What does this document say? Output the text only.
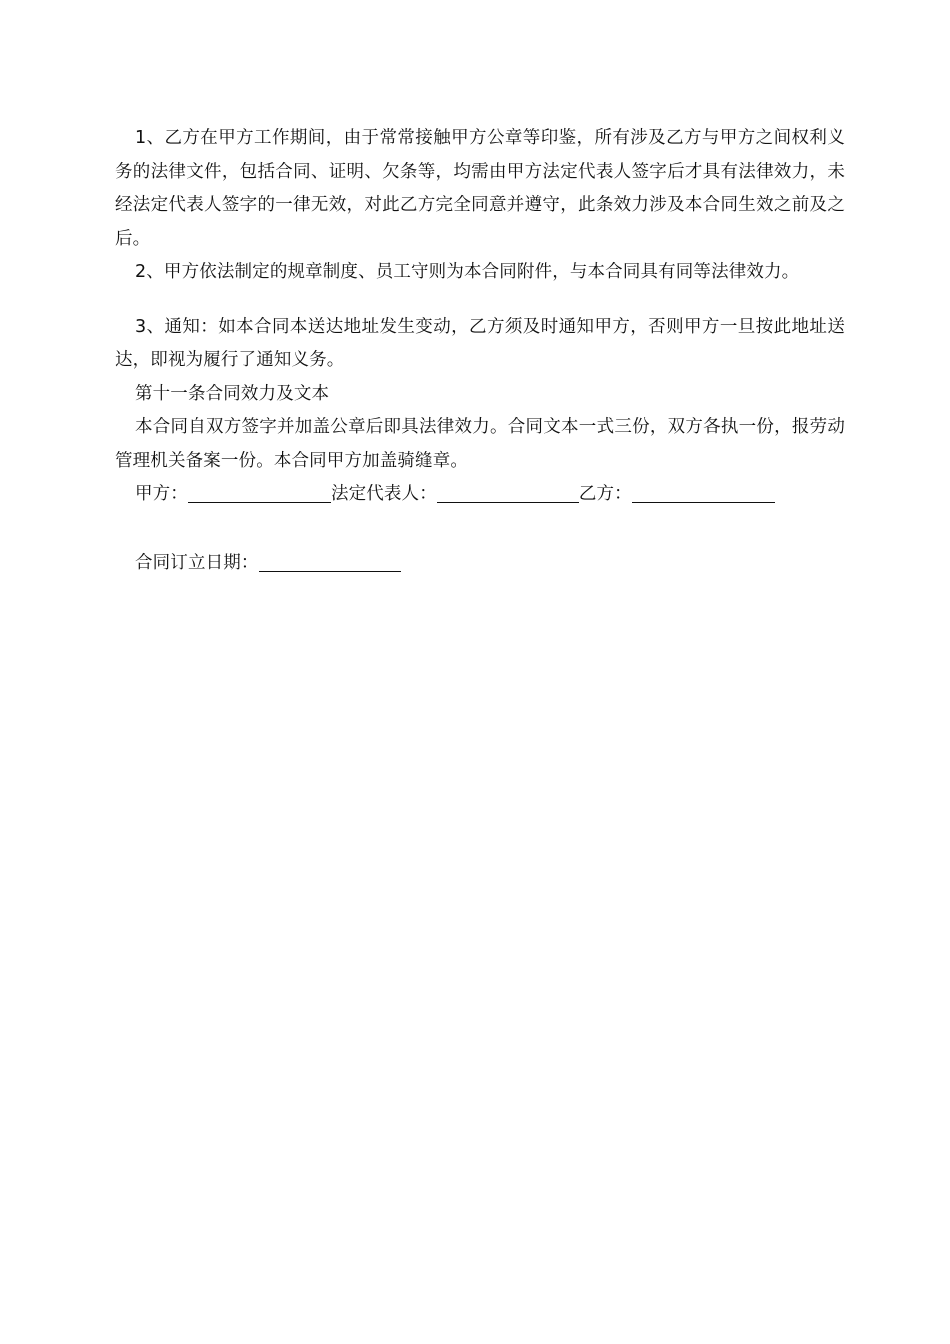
1、乙方在甲方工作期间，由于常常接触甲方公章等印鉴，所有涉及乙方与甲方之间权利义务的法律文件，包括合同、证明、欠条等，均需由甲方法定代表人签字后才具有法律效力，未经法定代表人签字的一律无效，对此乙方完全同意并遵守，此条效力涉及本合同生效之前及之后。

2、甲方依法制定的规章制度、员工守则为本合同附件，与本合同具有同等法律效力。

3、通知：如本合同本送达地址发生变动，乙方须及时通知甲方，否则甲方一旦按此地址送达，即视为履行了通知义务。

第十一条合同效力及文本

本合同自双方签字并加盖公章后即具法律效力。合同文本一式三份，双方各执一份，报劳动管理机关备案一份。本合同甲方加盖骑缝章。

甲方：	法定代表人：	乙方：

合同订立日期：
